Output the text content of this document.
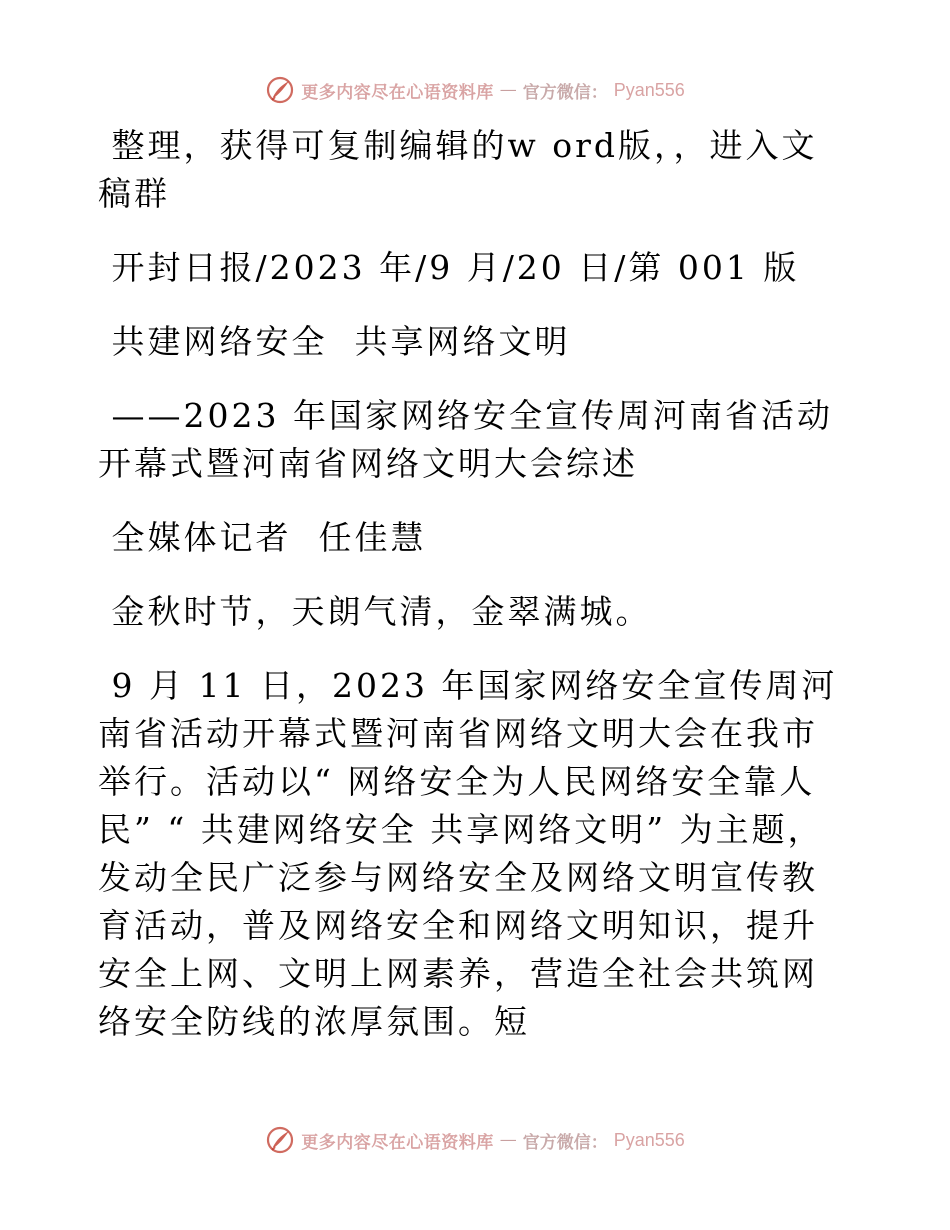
更多内容尽在心语资料库 — 官方微信： Pyan556

整理，获得可复制编辑的w ord版，，进入文稿群

开封日报/2023 年/9 月/20 日/第 001 版

共建网络安全  共享网络文明

——2023 年国家网络安全宣传周河南省活动开幕式暨河南省网络文明大会综述

全媒体记者  任佳慧

金秋时节，天朗气清，金翠满城。

9 月 11 日，2023 年国家网络安全宣传周河南省活动开幕式暨河南省网络文明大会在我市举行。活动以“ 网络安全为人民网络安全靠人民” “ 共建网络安全 共享网络文明” 为主题，发动全民广泛参与网络安全及网络文明宣传教育活动，普及网络安全和网络文明知识，提升安全上网、文明上网素养，营造全社会共筑网络安全防线的浓厚氛围。短

更多内容尽在心语资料库 — 官方微信： Pyan556
